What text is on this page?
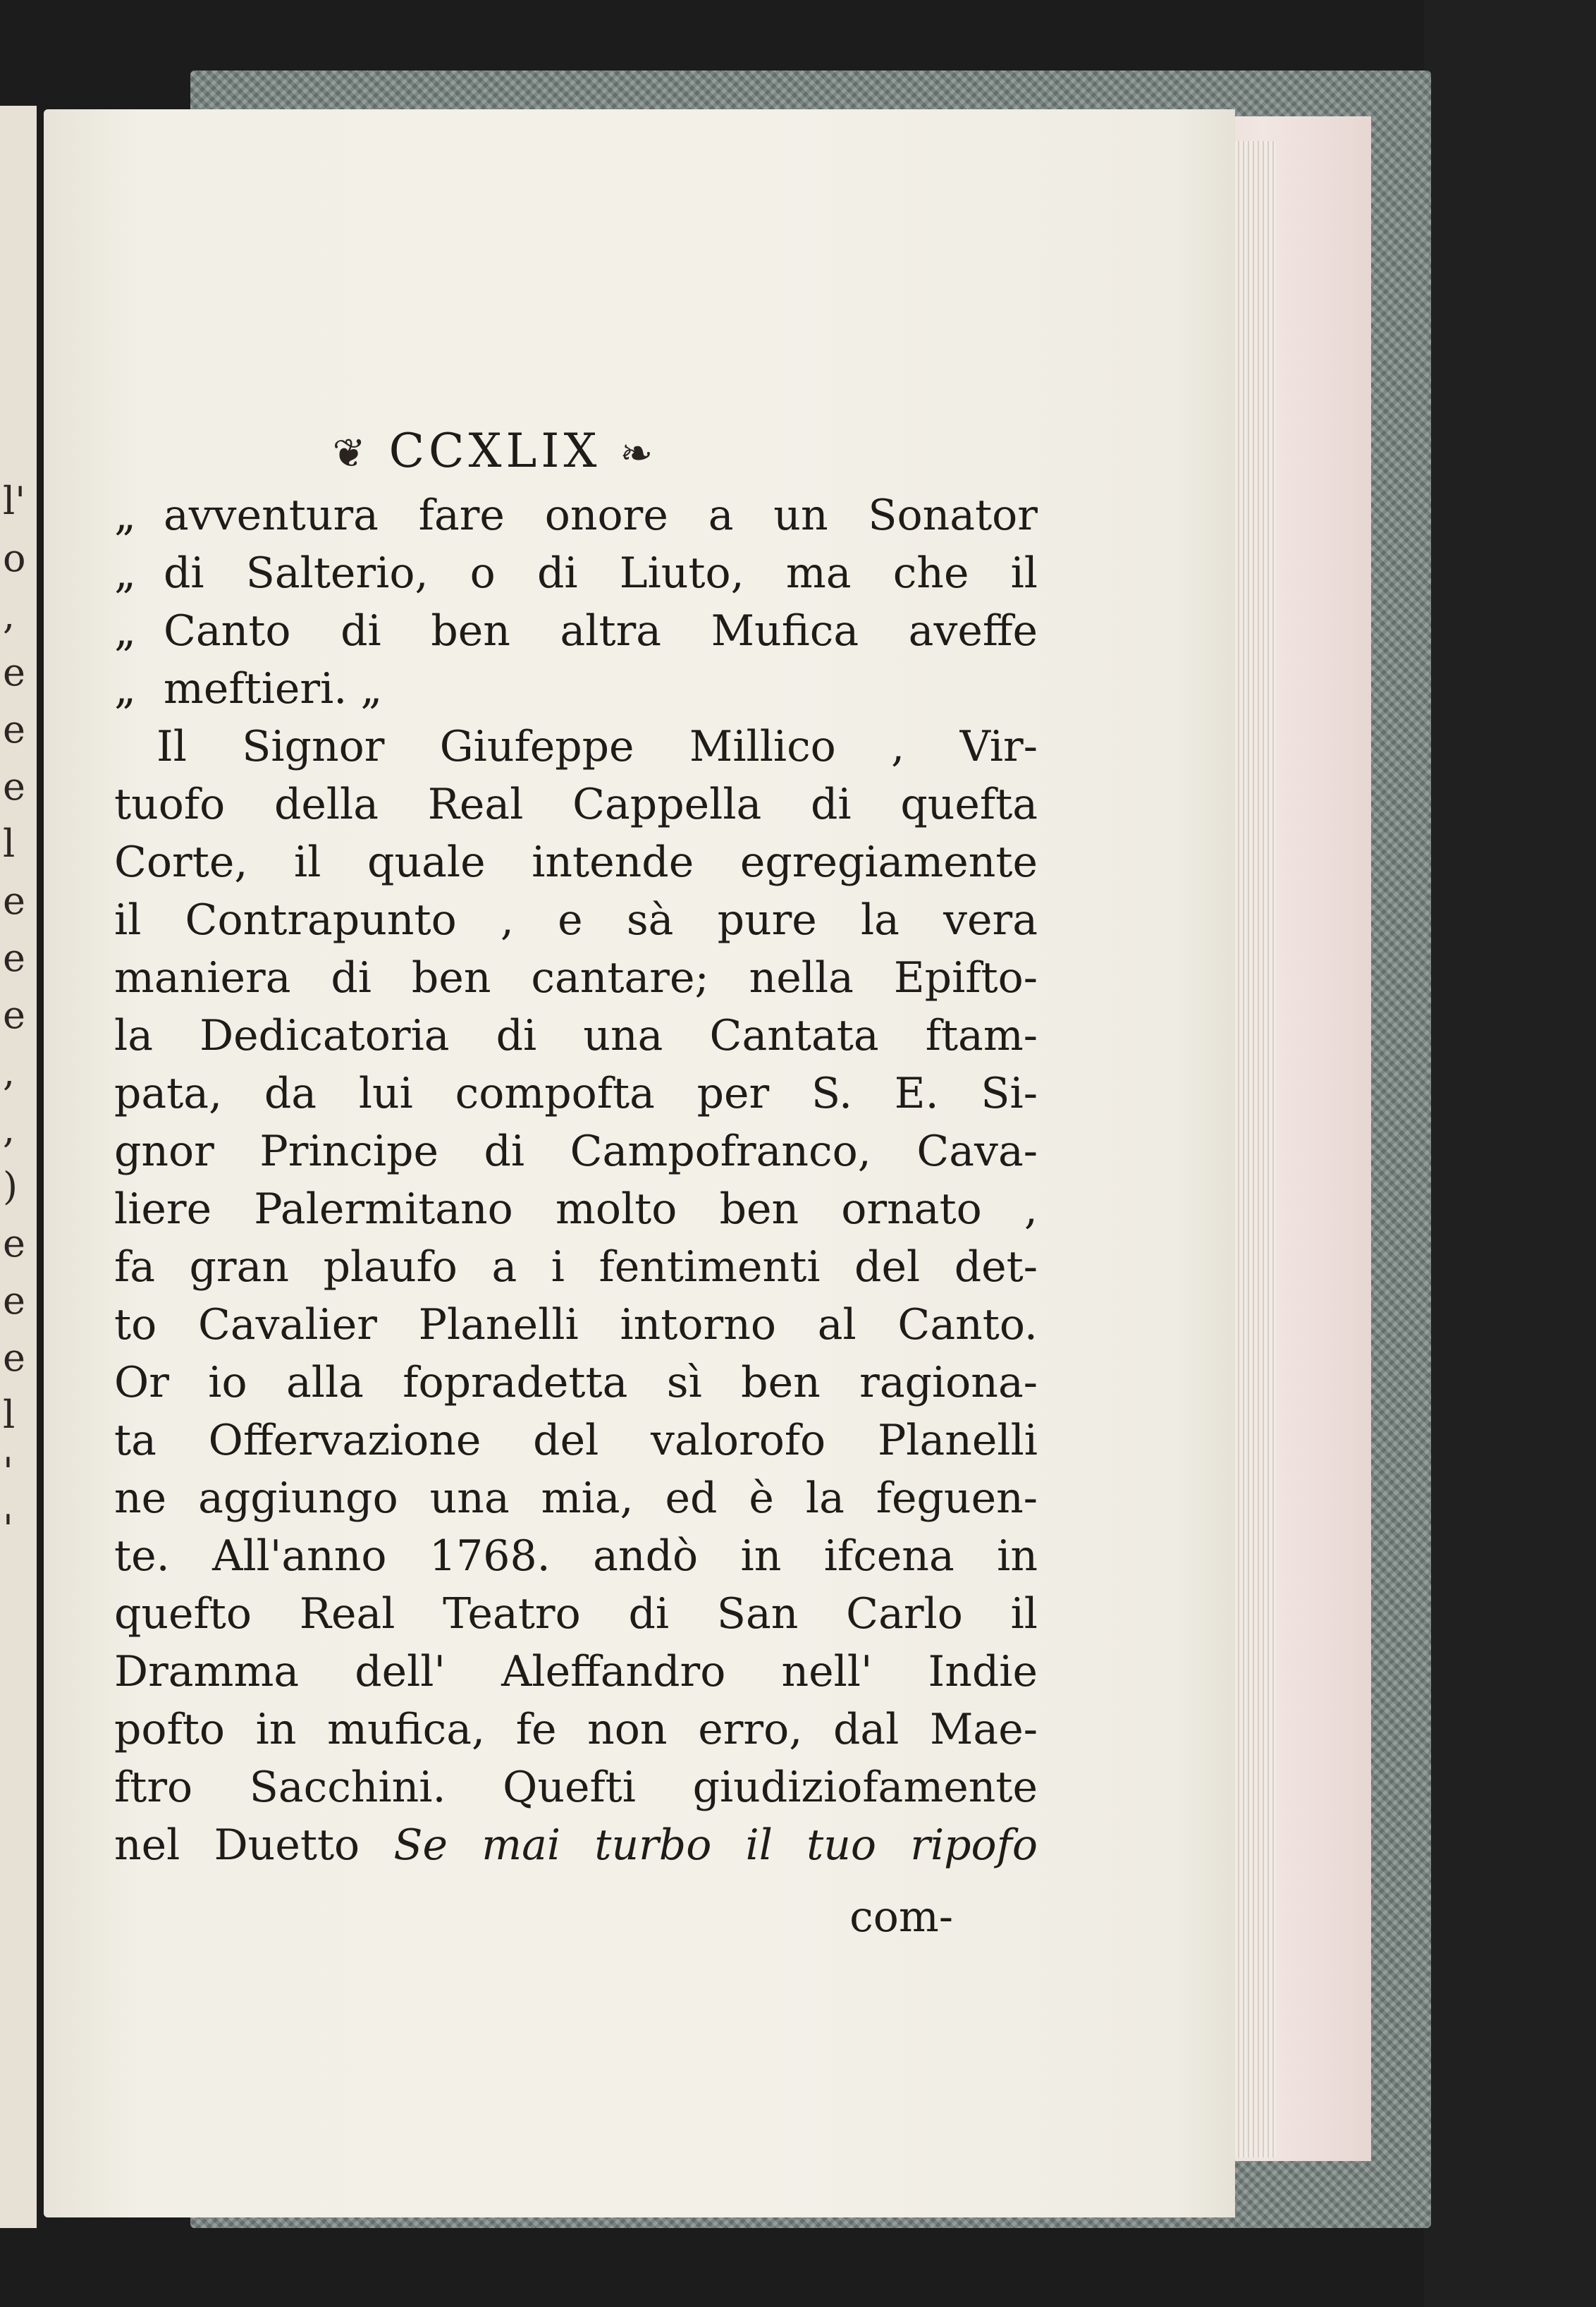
l'
o
,
e
e
e
l
e
e
e
,
,
)
e
e
e
l
'
'
❦ CCXLIX ❧
„ avventura fare onore a un Sonator
„ di Salterio, o di Liuto, ma che il
„ Canto di ben altra Mufica aveffe
„ meftieri. „
Il Signor Giufeppe Millico , Vir-
tuofo della Real Cappella di quefta
Corte, il quale intende egregiamente
il Contrapunto , e sà pure la vera
maniera di ben cantare; nella Epifto-
la Dedicatoria di una Cantata ftam-
pata, da lui compofta per S. E. Si-
gnor Principe di Campofranco, Cava-
liere Palermitano molto ben ornato ,
fa gran plaufo a i fentimenti del det-
to Cavalier Planelli intorno al Canto.
Or io alla fopradetta sì ben ragiona-
ta Offervazione del valorofo Planelli
ne aggiungo una mia, ed è la feguen-
te. All'anno 1768. andò in ifcena in
quefto Real Teatro di San Carlo il
Dramma dell' Aleffandro nell' Indie
pofto in mufica, fe non erro, dal Mae-
ftro Sacchini. Quefti giudiziofamente
nel Duetto Se mai turbo il tuo ripofo
com-
